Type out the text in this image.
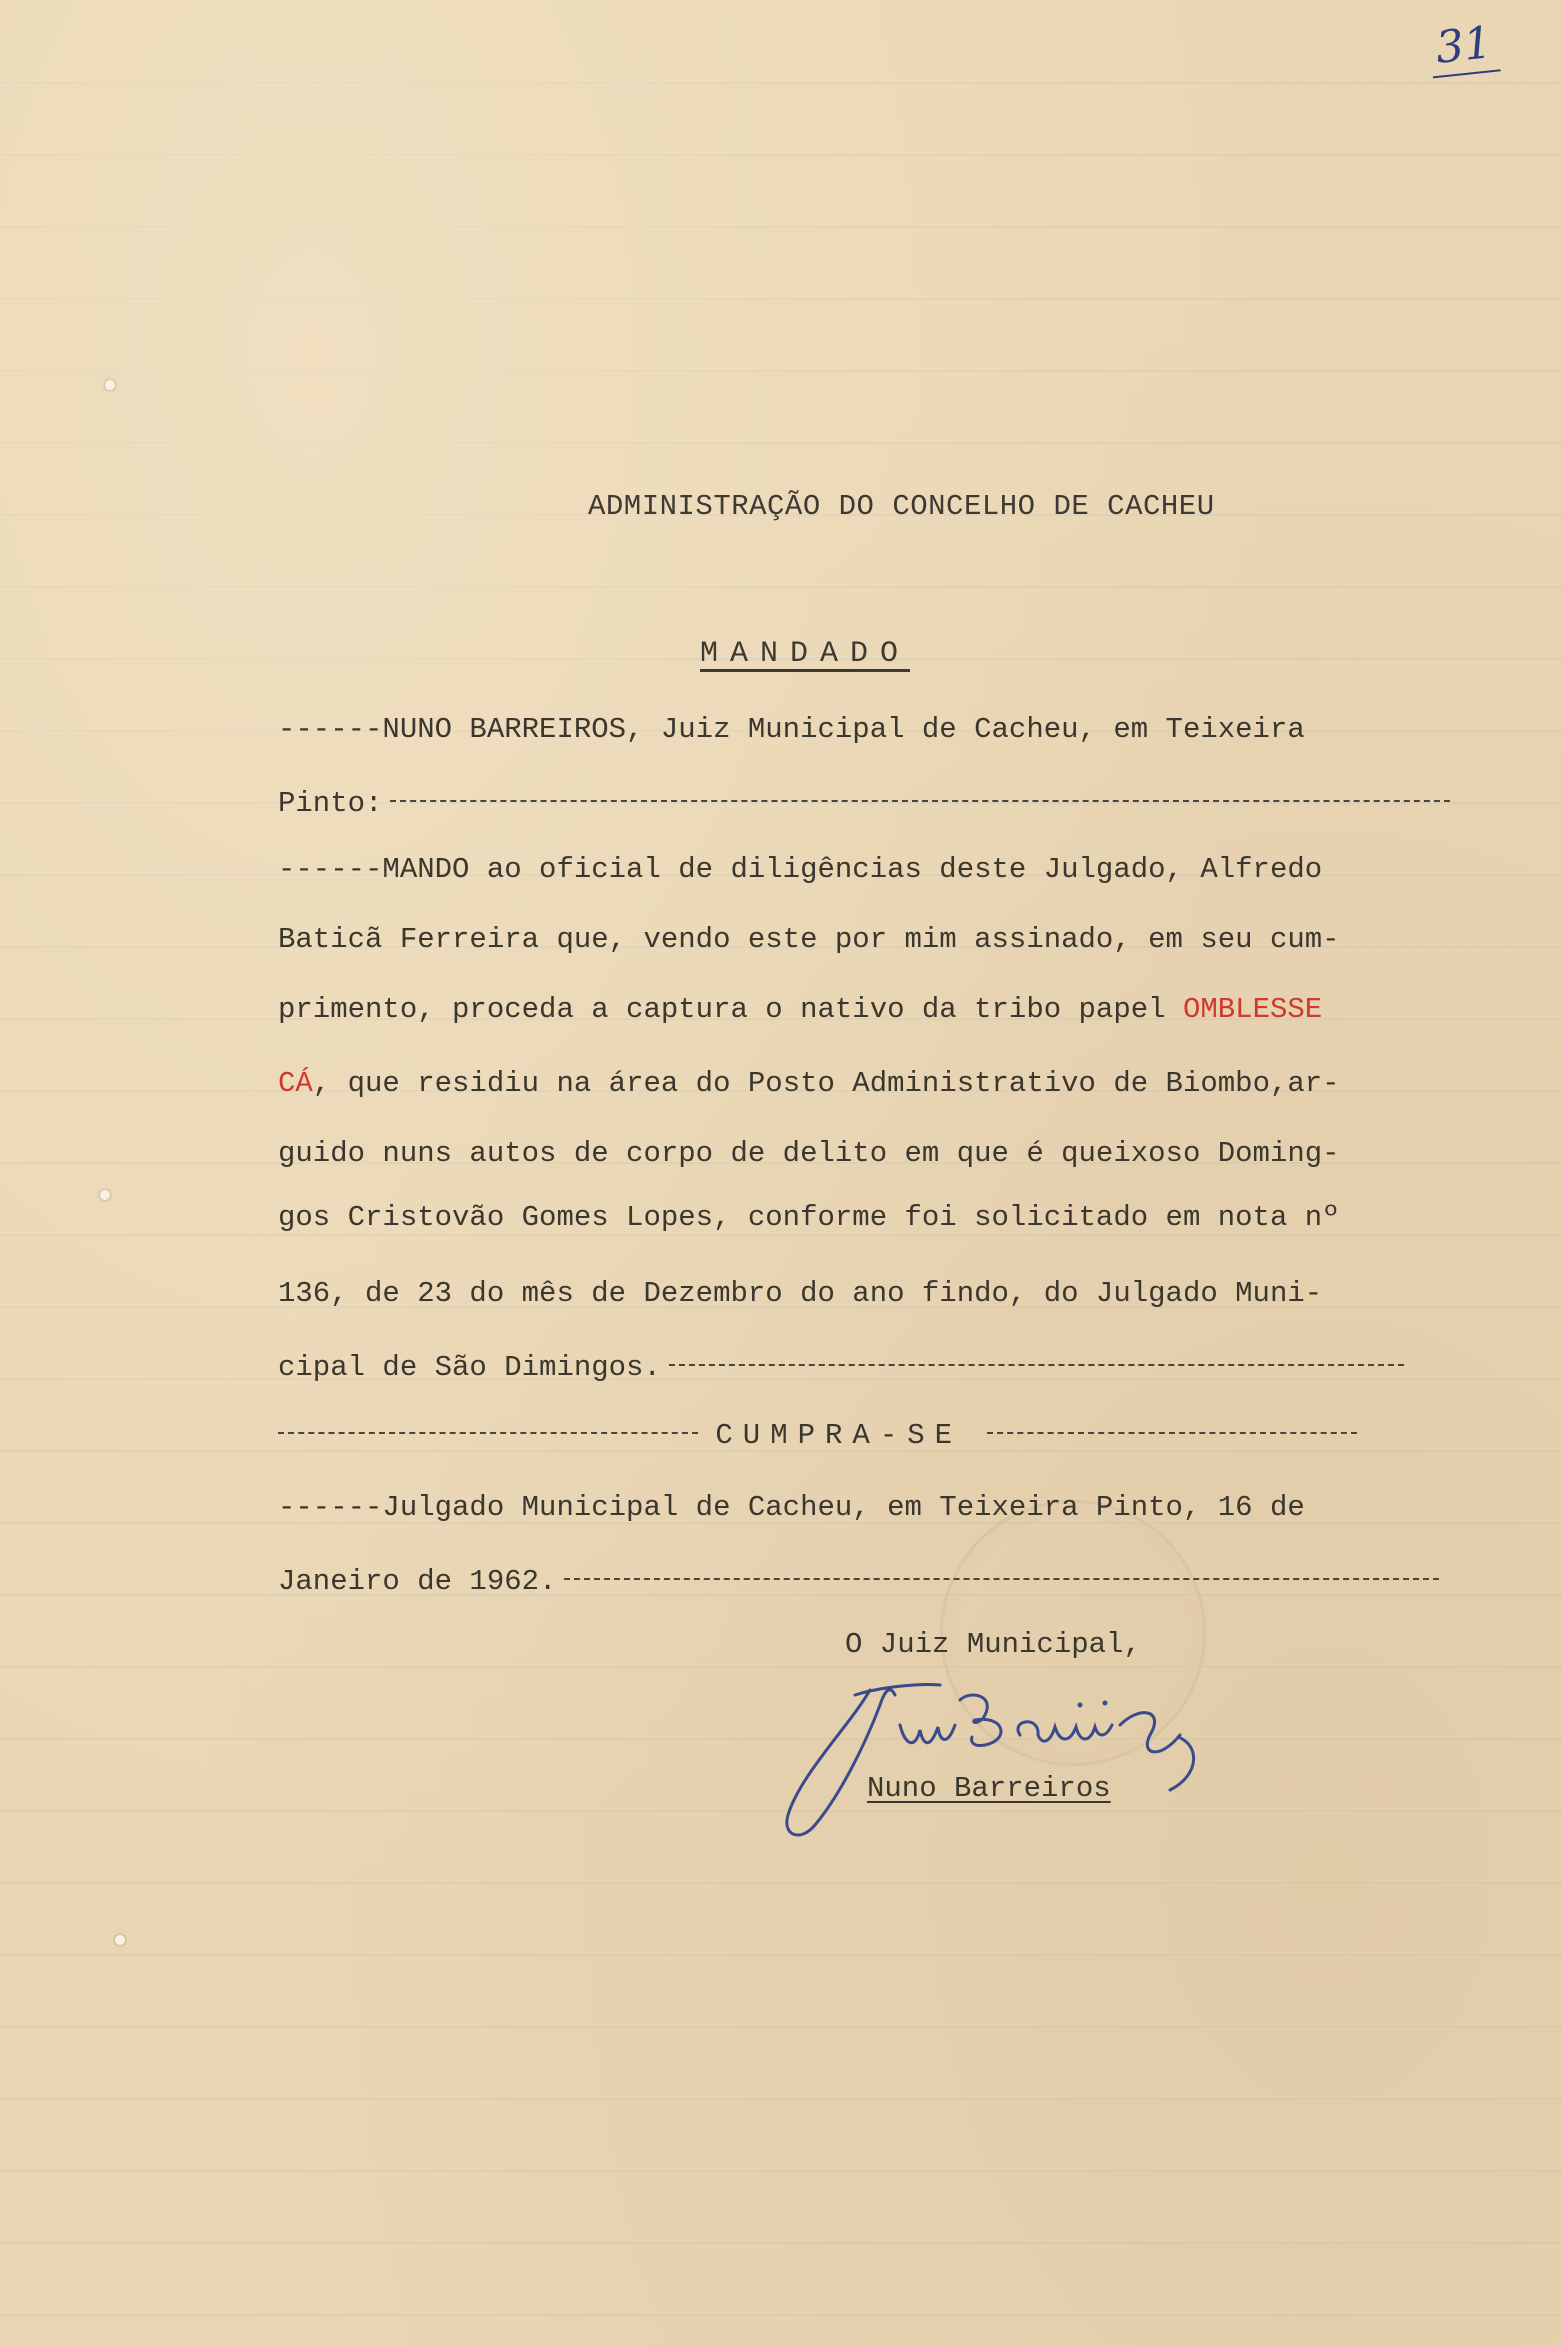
31
ADMINISTRAÇÃO DO CONCELHO DE CACHEU
MANDADO
------NUNO BARREIROS, Juiz Municipal de Cacheu, em Teixeira
Pinto:
------MANDO ao oficial de diligências deste Julgado, Alfredo
Baticã Ferreira que, vendo este por mim assinado, em seu cum-
primento, proceda a captura o nativo da tribo papel OMBLESSE
CÁ, que residiu na área do Posto Administrativo de Biombo,ar-
guido nuns autos de corpo de delito em que é queixoso Doming-
gos Cristovão Gomes Lopes, conforme foi solicitado em nota nº
136, de 23 do mês de Dezembro do ano findo, do Julgado Muni-
cipal de São Dimingos.
CUMPRA-SE
------Julgado Municipal de Cacheu, em Teixeira Pinto, 16 de
Janeiro de 1962.
O Juiz Municipal,
Nuno Barreiros
